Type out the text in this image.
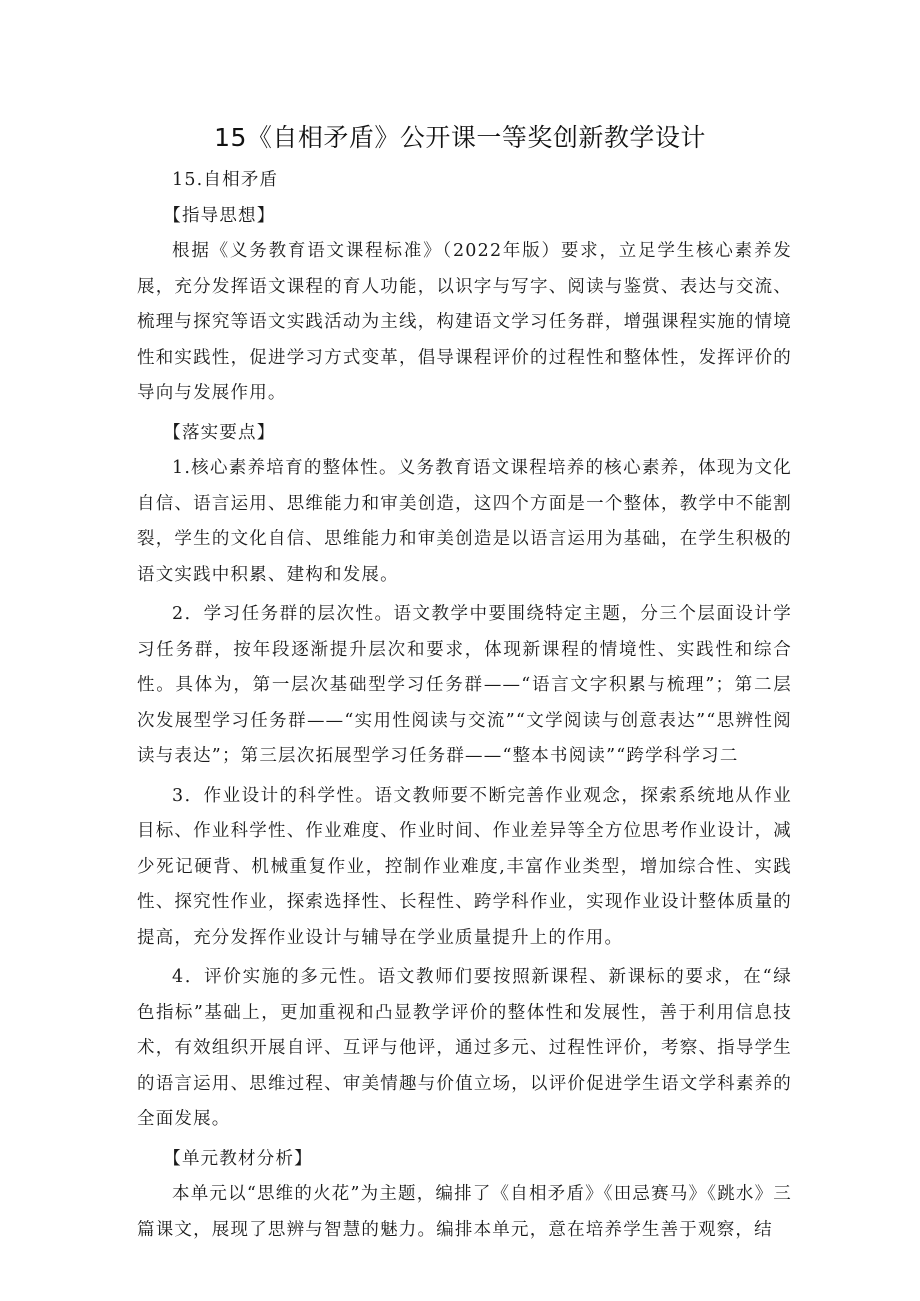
15《自相矛盾》公开课一等奖创新教学设计

15.自相矛盾

【指导思想】

根据《义务教育语文课程标准》（2022年版）要求，立足学生核心素养发展，充分发挥语文课程的育人功能，以识字与写字、阅读与鉴赏、表达与交流、梳理与探究等语文实践活动为主线，构建语文学习任务群，增强课程实施的情境性和实践性，促进学习方式变革，倡导课程评价的过程性和整体性，发挥评价的导向与发展作用。

【落实要点】

1.核心素养培育的整体性。义务教育语文课程培养的核心素养，体现为文化自信、语言运用、思维能力和审美创造，这四个方面是一个整体，教学中不能割裂，学生的文化自信、思维能力和审美创造是以语言运用为基础，在学生积极的语文实践中积累、建构和发展。

2．学习任务群的层次性。语文教学中要围绕特定主题，分三个层面设计学习任务群，按年段逐渐提升层次和要求，体现新课程的情境性、实践性和综合性。具体为，第一层次基础型学习任务群——“语言文字积累与梳理”；第二层次发展型学习任务群——“实用性阅读与交流”“文学阅读与创意表达”“思辨性阅读与表达”；第三层次拓展型学习任务群——“整本书阅读”“跨学科学习二

3．作业设计的科学性。语文教师要不断完善作业观念，探索系统地从作业目标、作业科学性、作业难度、作业时间、作业差异等全方位思考作业设计，减少死记硬背、机械重复作业，控制作业难度,丰富作业类型，增加综合性、实践性、探究性作业，探索选择性、长程性、跨学科作业，实现作业设计整体质量的提高，充分发挥作业设计与辅导在学业质量提升上的作用。

4．评价实施的多元性。语文教师们要按照新课程、新课标的要求，在“绿色指标”基础上，更加重视和凸显教学评价的整体性和发展性，善于利用信息技术，有效组织开展自评、互评与他评，通过多元、过程性评价，考察、指导学生的语言运用、思维过程、审美情趣与价值立场，以评价促进学生语文学科素养的全面发展。

【单元教材分析】

本单元以“思维的火花”为主题，编排了《自相矛盾》《田忌赛马》《跳水》三篇课文，展现了思辨与智慧的魅力。编排本单元，意在培养学生善于观察，结
